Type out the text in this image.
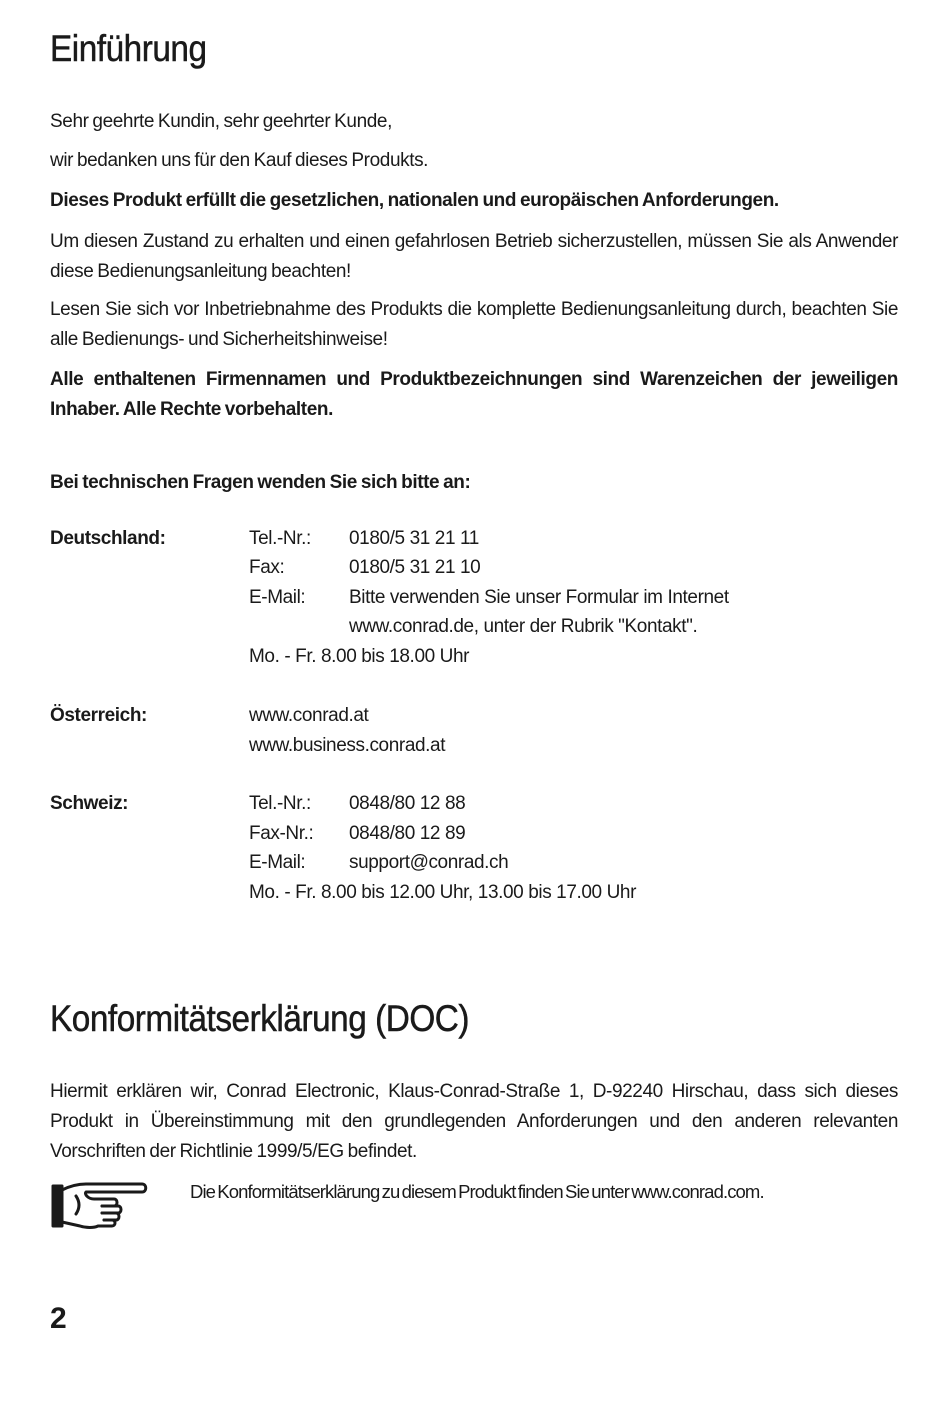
Einführung

Sehr geehrte Kundin, sehr geehrter Kunde,

wir bedanken uns für den Kauf dieses Produkts.

Dieses Produkt erfüllt die gesetzlichen, nationalen und europäischen Anforderungen.

Um diesen Zustand zu erhalten und einen gefahrlosen Betrieb sicherzustellen, müssen Sie als Anwender diese Bedienungsanleitung beachten!

Lesen Sie sich vor Inbetriebnahme des Produkts die komplette Bedienungsanleitung durch, beachten Sie alle Bedienungs- und Sicherheitshinweise!

Alle enthaltenen Firmennamen und Produktbezeichnungen sind Warenzeichen der jeweiligen Inhaber. Alle Rechte vorbehalten.

Bei technischen Fragen wenden Sie sich bitte an:

Deutschland:	Tel.-Nr.: 0180/5 31 21 11
Fax:	0180/5 31 21 10
E-Mail: Bitte verwenden Sie unser Formular im Internet
www.conrad.de, unter der Rubrik "Kontakt".
Mo. - Fr. 8.00 bis 18.00 Uhr
Österreich:	www.conrad.at
www.business.conrad.at
Schweiz:	Tel.-Nr.: 0848/80 12 88
Fax-Nr.: 0848/80 12 89
E-Mail: support@conrad.ch
Mo. - Fr. 8.00 bis 12.00 Uhr, 13.00 bis 17.00 Uhr
Konformitätserklärung (DOC)

Hiermit erklären wir, Conrad Electronic, Klaus-Conrad-Straße 1, D-92240 Hirschau, dass sich dieses Produkt in Übereinstimmung mit den grundlegenden Anforderungen und den anderen relevanten Vorschriften der Richtlinie 1999/5/EG befindet.

Die Konformitätserklärung zu diesem Produkt finden Sie unter www.conrad.com.
2
